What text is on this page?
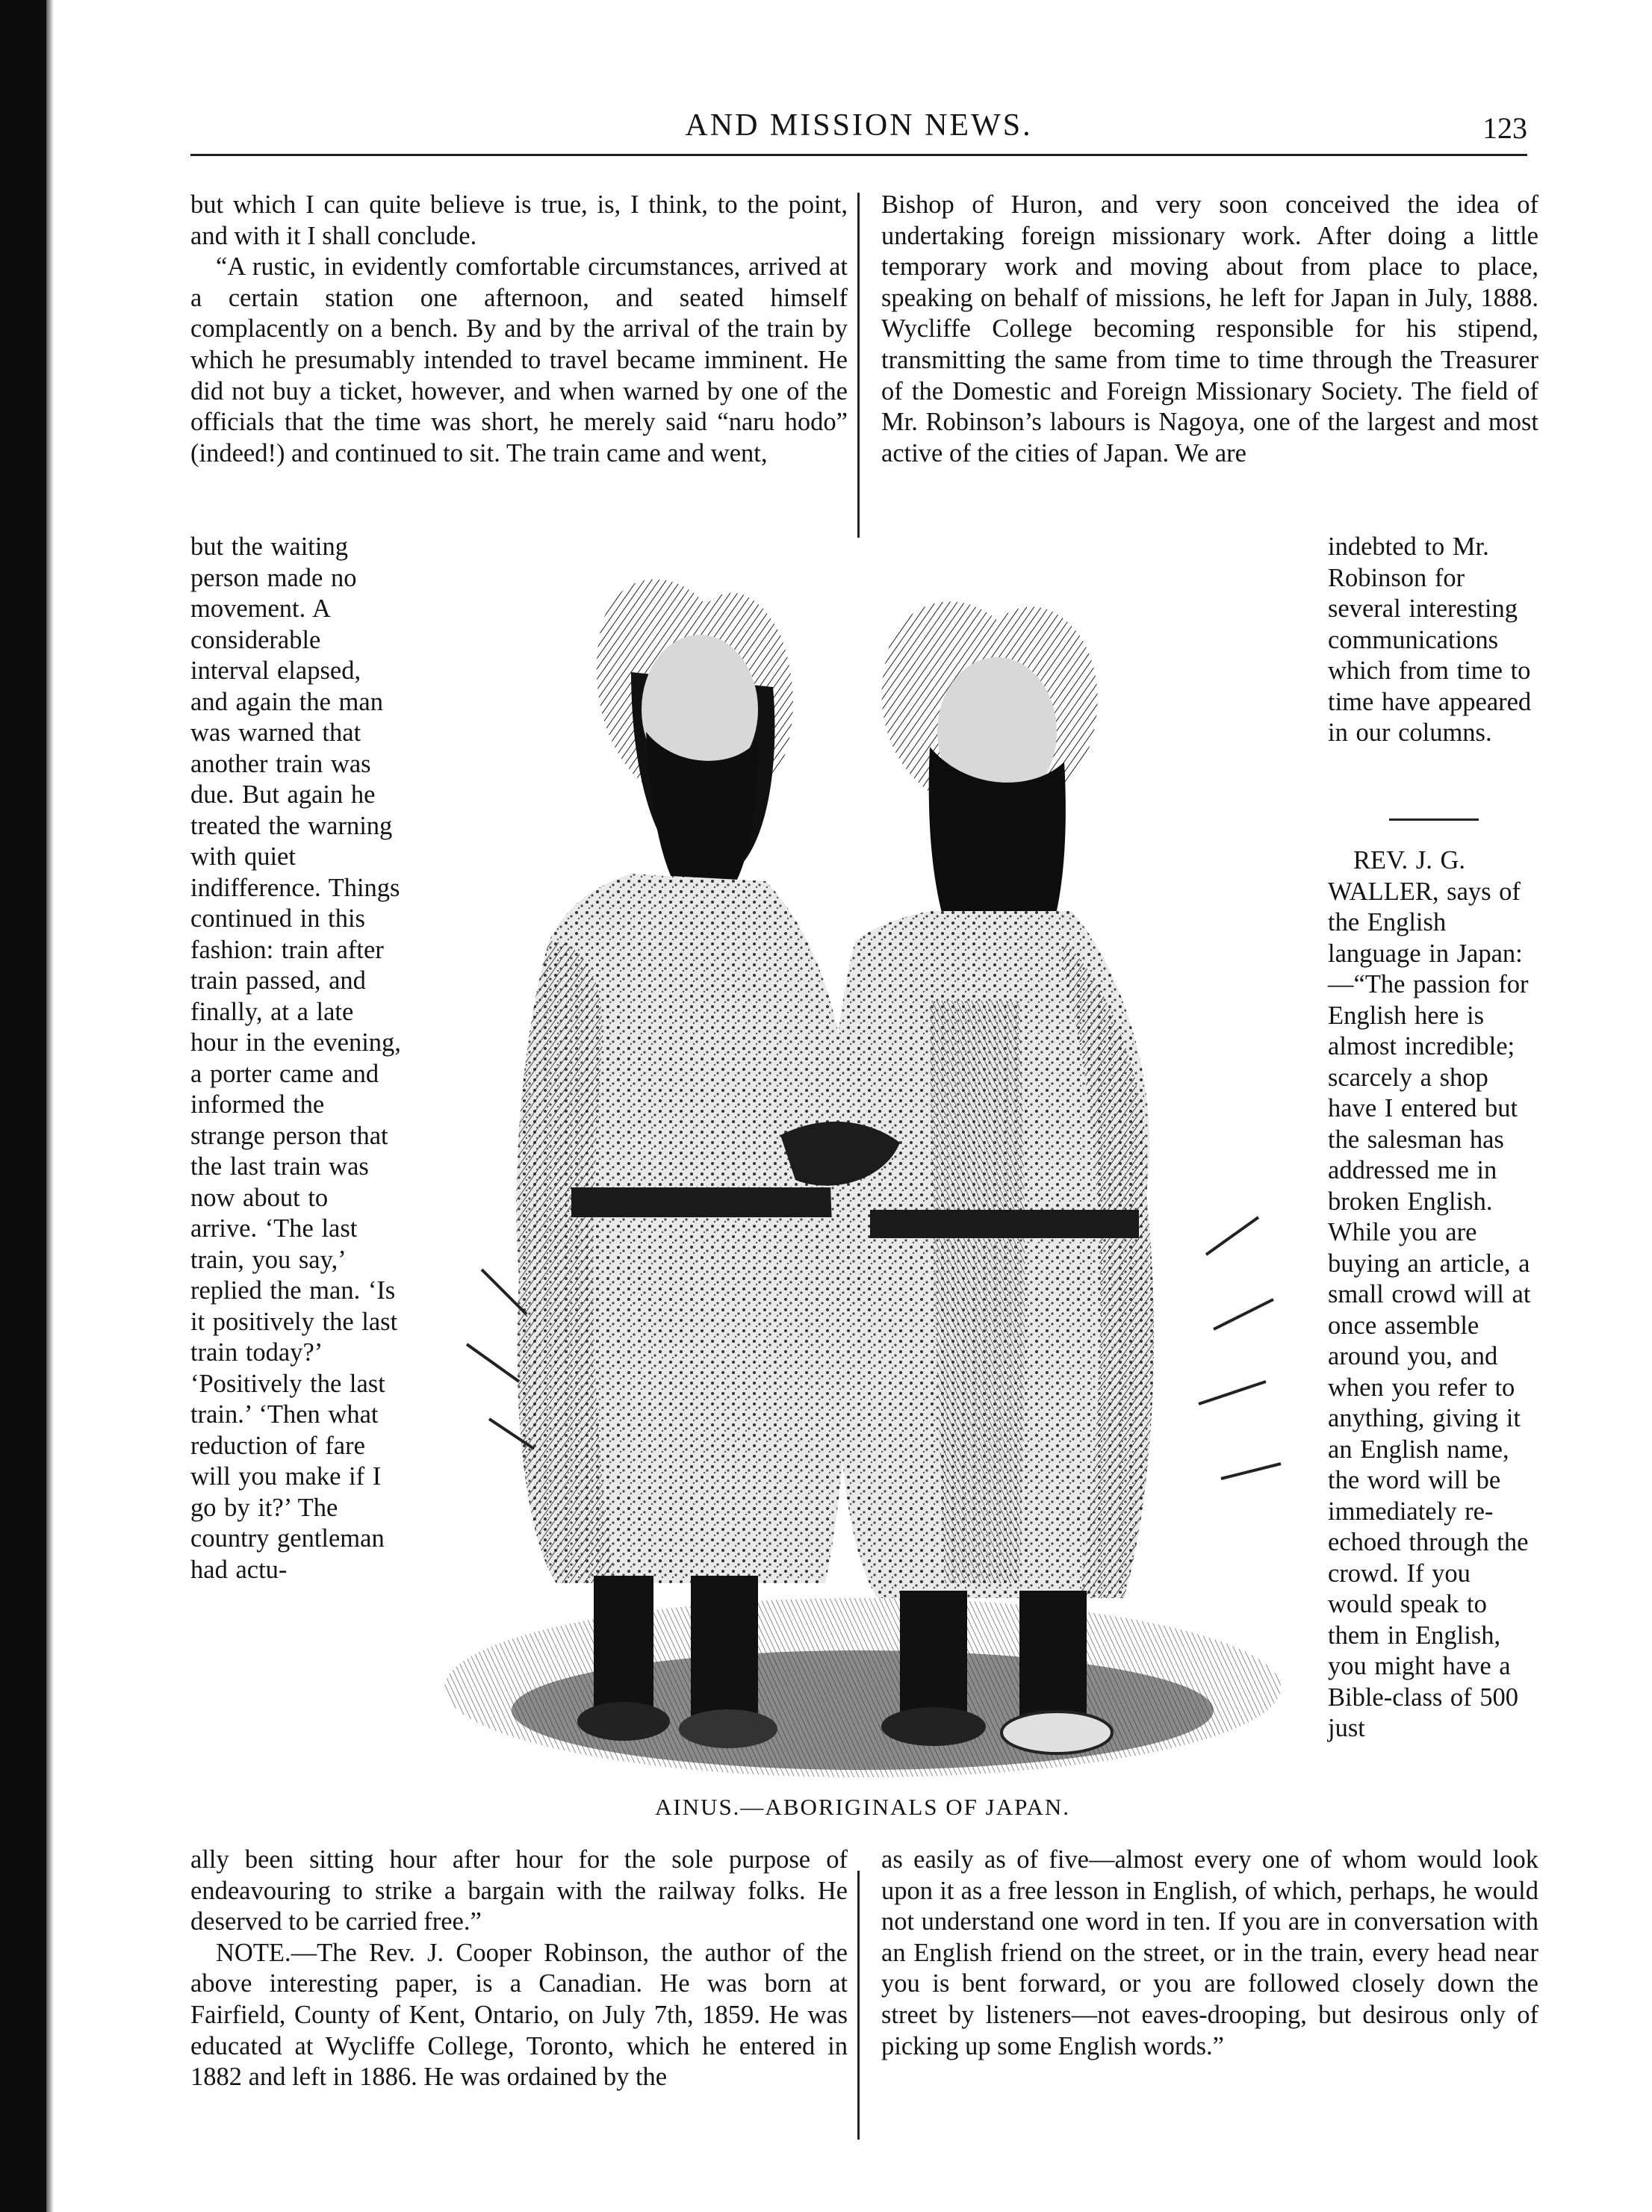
AND MISSION NEWS.	123

but which I can quite believe is true, is, I think, to the point, and with it I shall conclude.

“A rustic, in evidently comfortable circumstances, arrived at a certain station one afternoon, and seated himself complacently on a bench. By and by the arrival of the train by which he presumably intended to travel became imminent. He did not buy a ticket, however, and when warned by one of the officials that the time was short, he merely said “naru hodo” (indeed!) and continued to sit. The train came and went,

but the waiting person made no movement. A considerable interval elapsed, and again the man was warned that another train was due. But again he treated the warning with quiet indifference. Things continued in this fashion: train after train passed, and finally, at a late hour in the evening, a porter came and informed the strange person that the last train was now about to arrive. ‘The last train, you say,’ replied the man. ‘Is it positively the last train today?’ ‘Positively the last train.’ ‘Then what reduction of fare will you make if I go by it?’ The country gentleman had actu-

ally been sitting hour after hour for the sole purpose of endeavouring to strike a bargain with the railway folks. He deserved to be carried free.”

NOTE.—The Rev. J. Cooper Robinson, the author of the above interesting paper, is a Canadian. He was born at Fairfield, County of Kent, Ontario, on July 7th, 1859. He was educated at Wycliffe College, Toronto, which he entered in 1882 and left in 1886. He was ordained by the

Bishop of Huron, and very soon conceived the idea of undertaking foreign missionary work. After doing a little temporary work and moving about from place to place, speaking on behalf of missions, he left for Japan in July, 1888. Wycliffe College becoming responsible for his stipend, transmitting the same from time to time through the Treasurer of the Domestic and Foreign Missionary Society. The field of Mr. Robinson’s labours is Nagoya, one of the largest and most active of the cities of Japan. We are

indebted to Mr. Robinson for several interesting communications which from time to time have appeared in our columns.

REV. J. G. WALLER, says of the English language in Japan:—“The passion for English here is almost incredible; scarcely a shop have I entered but the salesman has addressed me in broken English. While you are buying an article, a small crowd will at once assemble around you, and when you refer to anything, giving it an English name, the word will be immediately re-echoed through the crowd. If you would speak to them in English, you might have a Bible-class of 500 just

as easily as of five—almost every one of whom would look upon it as a free lesson in English, of which, perhaps, he would not understand one word in ten. If you are in conversation with an English friend on the street, or in the train, every head near you is bent forward, or you are followed closely down the street by listeners—not eaves-drooping, but desirous only of picking up some English words.”

AINUS.—ABORIGINALS OF JAPAN.
